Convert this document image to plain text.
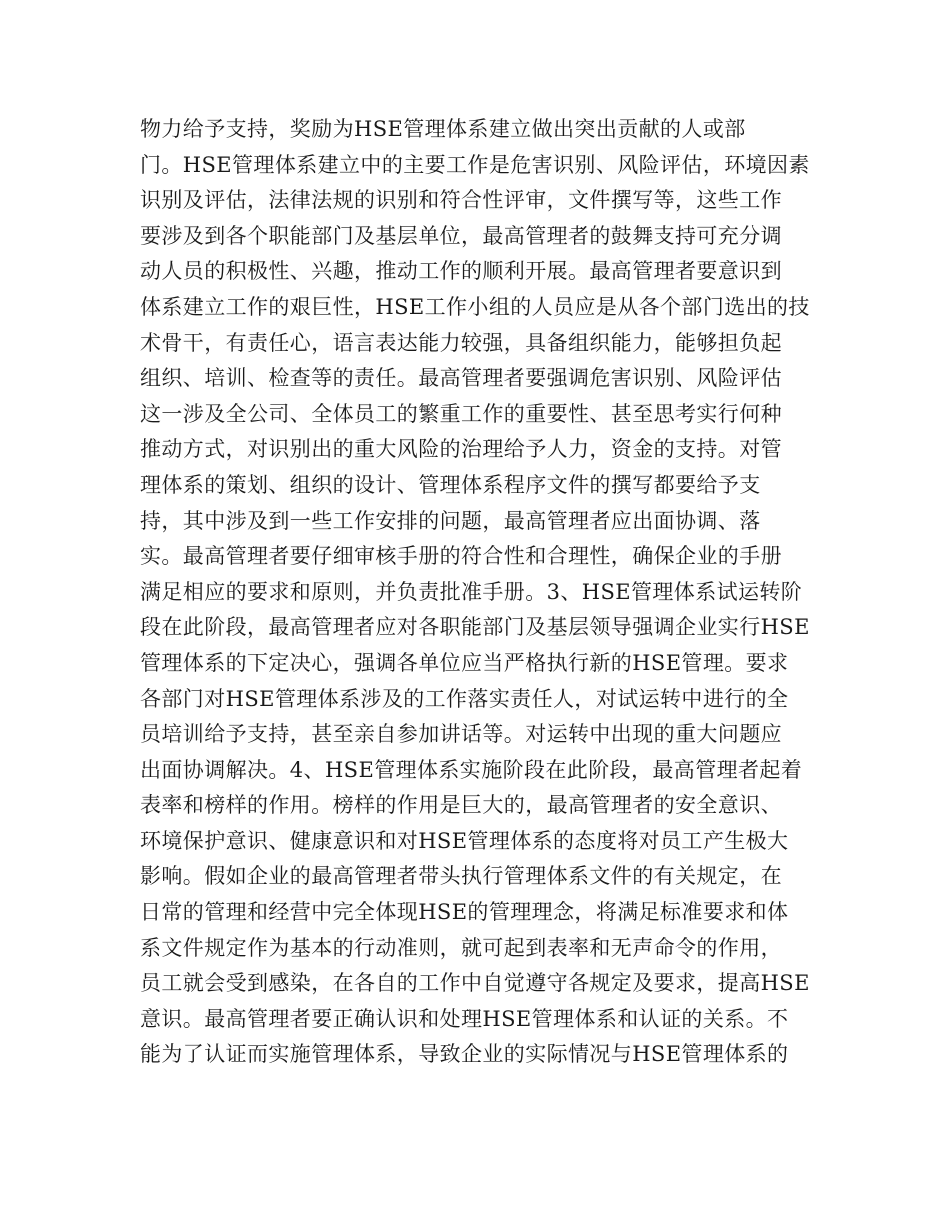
物力给予支持，奖励为HSE管理体系建立做出突出贡献的人或部
门。HSE管理体系建立中的主要工作是危害识别、风险评估，环境因素
识别及评估，法律法规的识别和符合性评审，文件撰写等，这些工作
要涉及到各个职能部门及基层单位，最高管理者的鼓舞支持可充分调
动人员的积极性、兴趣，推动工作的顺利开展。最高管理者要意识到
体系建立工作的艰巨性，HSE工作小组的人员应是从各个部门选出的技
术骨干，有责任心，语言表达能力较强，具备组织能力，能够担负起
组织、培训、检查等的责任。最高管理者要强调危害识别、风险评估
这一涉及全公司、全体员工的繁重工作的重要性、甚至思考实行何种
推动方式，对识别出的重大风险的治理给予人力，资金的支持。对管
理体系的策划、组织的设计、管理体系程序文件的撰写都要给予支
持，其中涉及到一些工作安排的问题，最高管理者应出面协调、落
实。最高管理者要仔细审核手册的符合性和合理性，确保企业的手册
满足相应的要求和原则，并负责批准手册。3、HSE管理体系试运转阶
段在此阶段，最高管理者应对各职能部门及基层领导强调企业实行HSE
管理体系的下定决心，强调各单位应当严格执行新的HSE管理。要求
各部门对HSE管理体系涉及的工作落实责任人，对试运转中进行的全
员培训给予支持，甚至亲自参加讲话等。对运转中出现的重大问题应
出面协调解决。4、HSE管理体系实施阶段在此阶段，最高管理者起着
表率和榜样的作用。榜样的作用是巨大的，最高管理者的安全意识、
环境保护意识、健康意识和对HSE管理体系的态度将对员工产生极大
影响。假如企业的最高管理者带头执行管理体系文件的有关规定，在
日常的管理和经营中完全体现HSE的管理理念，将满足标准要求和体
系文件规定作为基本的行动准则，就可起到表率和无声命令的作用，
员工就会受到感染，在各自的工作中自觉遵守各规定及要求，提高HSE
意识。最高管理者要正确认识和处理HSE管理体系和认证的关系。不
能为了认证而实施管理体系，导致企业的实际情况与HSE管理体系的
